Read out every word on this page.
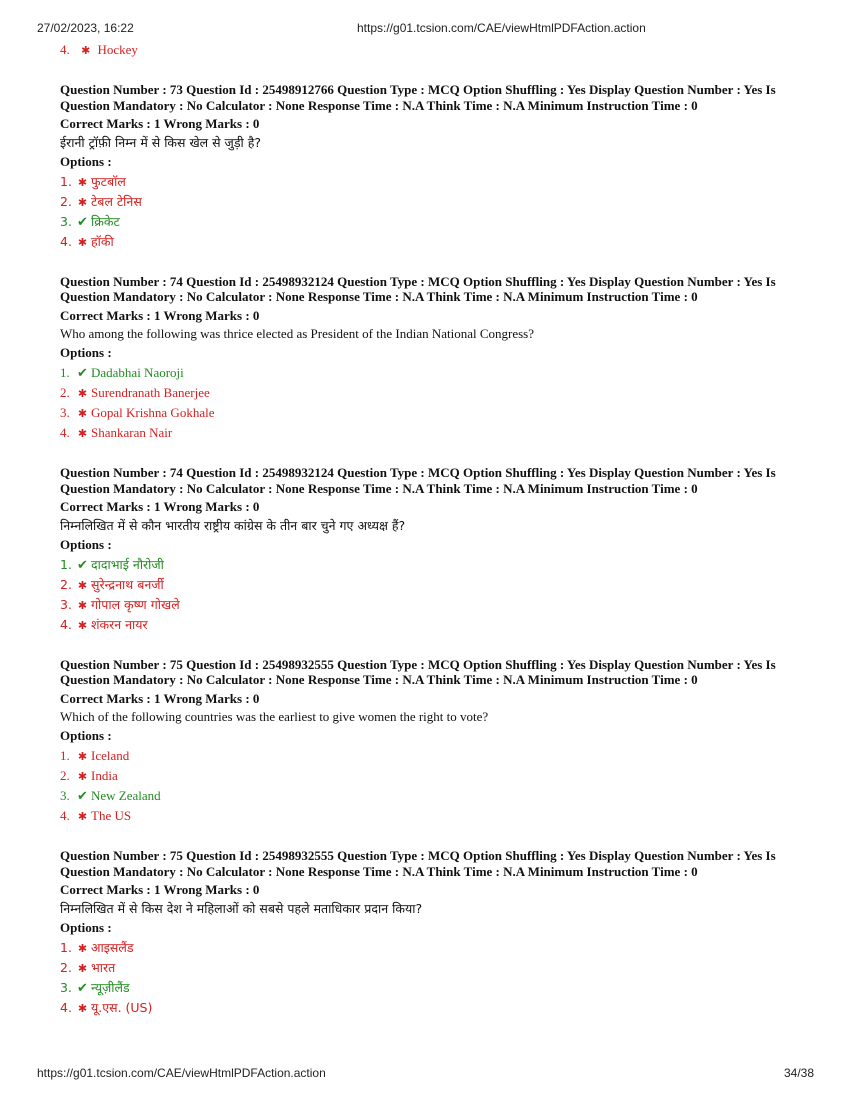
27/02/2023, 16:22	https://g01.tcsion.com/CAE/viewHtmlPDFAction.action
4. ✱ Hockey
Question Number : 73 Question Id : 25498912766 Question Type : MCQ Option Shuffling : Yes Display Question Number : Yes Is
Question Mandatory : No Calculator : None Response Time : N.A Think Time : N.A Minimum Instruction Time : 0
Correct Marks : 1 Wrong Marks : 0
ईरानी ट्रॉफ़ी निम्न में से किस खेल से जुड़ी है?
Options :
1. ✱ फुटबॉल
2. ✱ टेबल टेनिस
3. ✔ क्रिकेट
4. ✱ हॉकी
Question Number : 74 Question Id : 25498932124 Question Type : MCQ Option Shuffling : Yes Display Question Number : Yes Is
Question Mandatory : No Calculator : None Response Time : N.A Think Time : N.A Minimum Instruction Time : 0
Correct Marks : 1 Wrong Marks : 0
Who among the following was thrice elected as President of the Indian National Congress?
Options :
1. ✔ Dadabhai Naoroji
2. ✱ Surendranath Banerjee
3. ✱ Gopal Krishna Gokhale
4. ✱ Shankaran Nair
Question Number : 74 Question Id : 25498932124 Question Type : MCQ Option Shuffling : Yes Display Question Number : Yes Is
Question Mandatory : No Calculator : None Response Time : N.A Think Time : N.A Minimum Instruction Time : 0
Correct Marks : 1 Wrong Marks : 0
निम्नलिखित में से कौन भारतीय राष्ट्रीय कांग्रेस के तीन बार चुने गए अध्यक्ष हैं?
Options :
1. ✔ दादाभाई नौरोजी
2. ✱ सुरेन्द्रनाथ बनर्जी
3. ✱ गोपाल कृष्ण गोखले
4. ✱ शंकरन नायर
Question Number : 75 Question Id : 25498932555 Question Type : MCQ Option Shuffling : Yes Display Question Number : Yes Is
Question Mandatory : No Calculator : None Response Time : N.A Think Time : N.A Minimum Instruction Time : 0
Correct Marks : 1 Wrong Marks : 0
Which of the following countries was the earliest to give women the right to vote?
Options :
1. ✱ Iceland
2. ✱ India
3. ✔ New Zealand
4. ✱ The US
Question Number : 75 Question Id : 25498932555 Question Type : MCQ Option Shuffling : Yes Display Question Number : Yes Is
Question Mandatory : No Calculator : None Response Time : N.A Think Time : N.A Minimum Instruction Time : 0
Correct Marks : 1 Wrong Marks : 0
निम्नलिखित में से किस देश ने महिलाओं को सबसे पहले मताधिकार प्रदान किया?
Options :
1. ✱ आइसलैंड
2. ✱ भारत
3. ✔ न्यूज़ीलैंड
4. ✱ यू.एस. (US)
https://g01.tcsion.com/CAE/viewHtmlPDFAction.action	34/38
